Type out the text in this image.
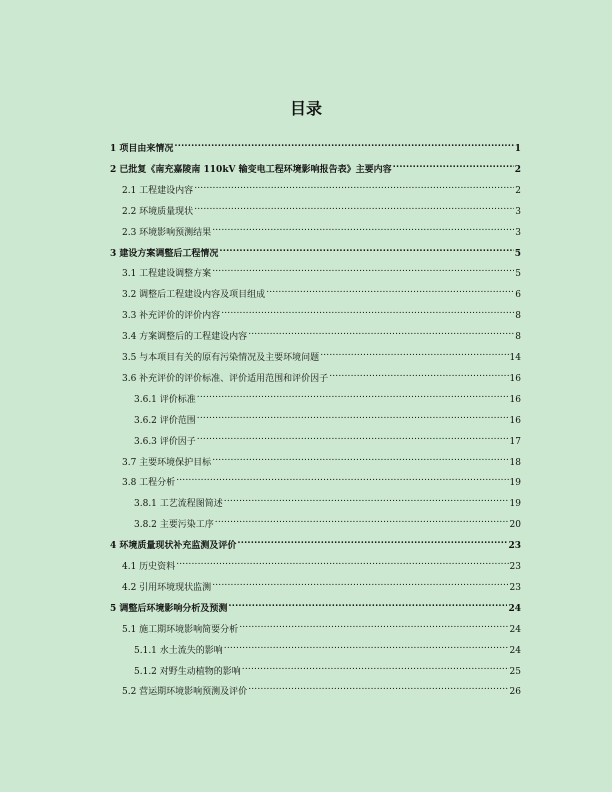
目录
1 项目由来情况 .....	1
2 已批复《南充嘉陵南 110kV 输变电工程环境影响报告表》主要内容 .....	2
2.1 工程建设内容 .....	2
2.2 环境质量现状 .....	3
2.3 环境影响预测结果 .....	3
3 建设方案调整后工程情况 .....	5
3.1 工程建设调整方案 .....	5
3.2 调整后工程建设内容及项目组成 .....	6
3.3 补充评价的评价内容 .....	8
3.4 方案调整后的工程建设内容 .....	8
3.5 与本项目有关的原有污染情况及主要环境问题 .....	14
3.6 补充评价的评价标准、评价适用范围和评价因子 .....	16
3.6.1 评价标准 .....	16
3.6.2 评价范围 .....	16
3.6.3 评价因子 .....	17
3.7 主要环境保护目标 .....	18
3.8 工程分析 .....	19
3.8.1 工艺流程图简述 .....	19
3.8.2 主要污染工序 .....	20
4 环境质量现状补充监测及评价 .....	23
4.1 历史资料 .....	23
4.2 引用环境现状监测 .....	23
5 调整后环境影响分析及预测 .....	24
5.1 施工期环境影响简要分析 .....	24
5.1.1 水土流失的影响 .....	24
5.1.2 对野生动植物的影响 .....	25
5.2 营运期环境影响预测及评价 .....	26
